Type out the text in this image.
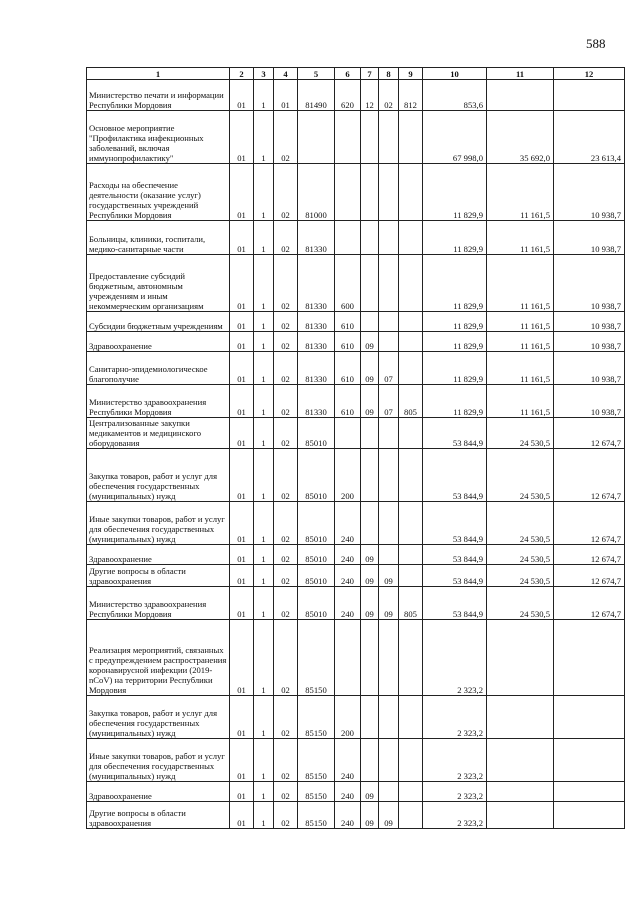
588
1	2	3	4	5	6	7	8	9	10	11	12
Министерство печати и информации Республики Мордовия	01	1	01	81490	620	12	02	812	853,6		
Основное мероприятие "Профилактика инфекционных заболеваний, включая иммунопрофилактику"	01	1	02						67 998,0	35 692,0	23 613,4
Расходы на обеспечение деятельности (оказание услуг) государственных учреждений Республики Мордовия	01	1	02	81000					11 829,9	11 161,5	10 938,7
Больницы, клиники, госпитали, медико-санитарные части	01	1	02	81330					11 829,9	11 161,5	10 938,7
Предоставление субсидий бюджетным, автономным учреждениям и иным некоммерческим организациям	01	1	02	81330	600				11 829,9	11 161,5	10 938,7
Субсидии бюджетным учреждениям	01	1	02	81330	610				11 829,9	11 161,5	10 938,7
Здравоохранение	01	1	02	81330	610	09			11 829,9	11 161,5	10 938,7
Санитарно-эпидемиологическое благополучие	01	1	02	81330	610	09	07		11 829,9	11 161,5	10 938,7
Министерство здравоохранения Республики Мордовия	01	1	02	81330	610	09	07	805	11 829,9	11 161,5	10 938,7
Централизованные закупки медикаментов и медицинского оборудования	01	1	02	85010					53 844,9	24 530,5	12 674,7
Закупка товаров, работ и услуг для обеспечения государственных (муниципальных) нужд	01	1	02	85010	200				53 844,9	24 530,5	12 674,7
Иные закупки товаров, работ и услуг для обеспечения государственных (муниципальных) нужд	01	1	02	85010	240				53 844,9	24 530,5	12 674,7
Здравоохранение	01	1	02	85010	240	09			53 844,9	24 530,5	12 674,7
Другие вопросы в области здравоохранения	01	1	02	85010	240	09	09		53 844,9	24 530,5	12 674,7
Министерство здравоохранения Республики Мордовия	01	1	02	85010	240	09	09	805	53 844,9	24 530,5	12 674,7
Реализация мероприятий, связанных с предупреждением распространения коронавирусной инфекции (2019-nCoV) на территории Республики Мордовия	01	1	02	85150					2 323,2		
Закупка товаров, работ и услуг для обеспечения государственных (муниципальных) нужд	01	1	02	85150	200				2 323,2		
Иные закупки товаров, работ и услуг для обеспечения государственных (муниципальных) нужд	01	1	02	85150	240				2 323,2		
Здравоохранение	01	1	02	85150	240	09			2 323,2		
Другие вопросы в области здравоохранения	01	1	02	85150	240	09	09		2 323,2		
